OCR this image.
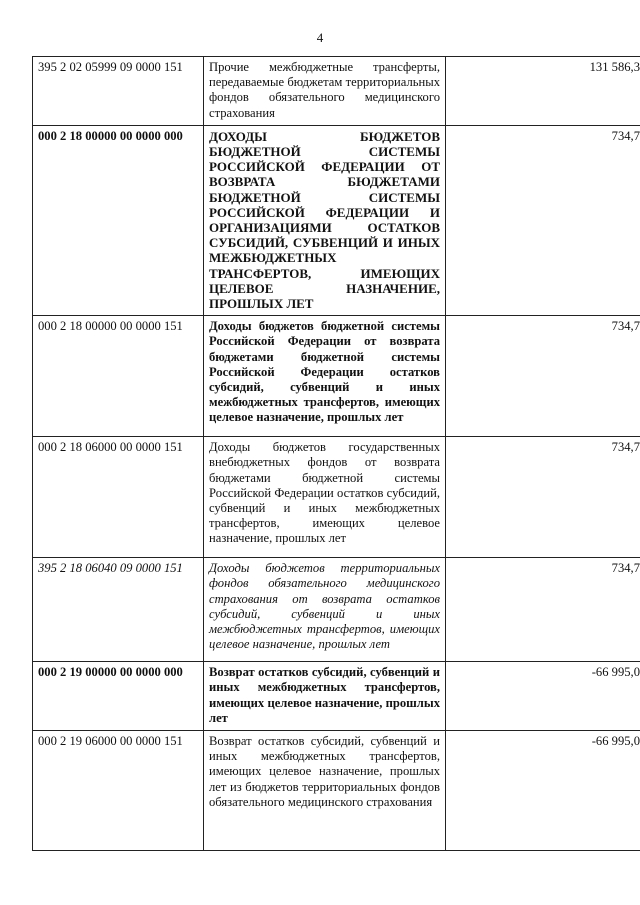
4
395 2 02 05999 09 0000 151	Прочие межбюджетные трансферты, передаваемые бюджетам территориальных фондов обязательного медицинского страхования	131 586,3
000 2 18 00000 00 0000 000	ДОХОДЫ БЮДЖЕТОВ БЮДЖЕТНОЙ СИСТЕМЫ РОССИЙСКОЙ ФЕДЕРАЦИИ ОТ ВОЗВРАТА БЮДЖЕТАМИ БЮДЖЕТНОЙ СИСТЕМЫ РОССИЙСКОЙ ФЕДЕРАЦИИ И ОРГАНИЗАЦИЯМИ ОСТАТКОВ СУБСИДИЙ, СУБВЕНЦИЙ И ИНЫХ МЕЖБЮДЖЕТНЫХ ТРАНСФЕРТОВ, ИМЕЮЩИХ ЦЕЛЕВОЕ НАЗНАЧЕНИЕ, ПРОШЛЫХ ЛЕТ	734,7
000 2 18 00000 00 0000 151	Доходы бюджетов бюджетной системы Российской Федерации от возврата бюджетами бюджетной системы Российской Федерации остатков субсидий, субвенций и иных межбюджетных трансфертов, имеющих целевое назначение, прошлых лет	734,7
000 2 18 06000 00 0000 151	Доходы бюджетов государственных внебюджетных фондов от возврата бюджетами бюджетной системы Российской Федерации остатков субсидий, субвенций и иных межбюджетных трансфертов, имеющих целевое назначение, прошлых лет	734,7
395 2 18 06040 09 0000 151	Доходы бюджетов территориальных фондов обязательного медицинского страхования от возврата остатков субсидий, субвенций и иных межбюджетных трансфертов, имеющих целевое назначение, прошлых лет	734,7
000 2 19 00000 00 0000 000	Возврат остатков субсидий, субвенций и иных межбюджетных трансфертов, имеющих целевое назначение, прошлых лет	-66 995,0
000 2 19 06000 00 0000 151	Возврат остатков субсидий, субвенций и иных межбюджетных трансфертов, имеющих целевое назначение, прошлых лет из бюджетов территориальных фондов обязательного медицинского страхования	-66 995,0
